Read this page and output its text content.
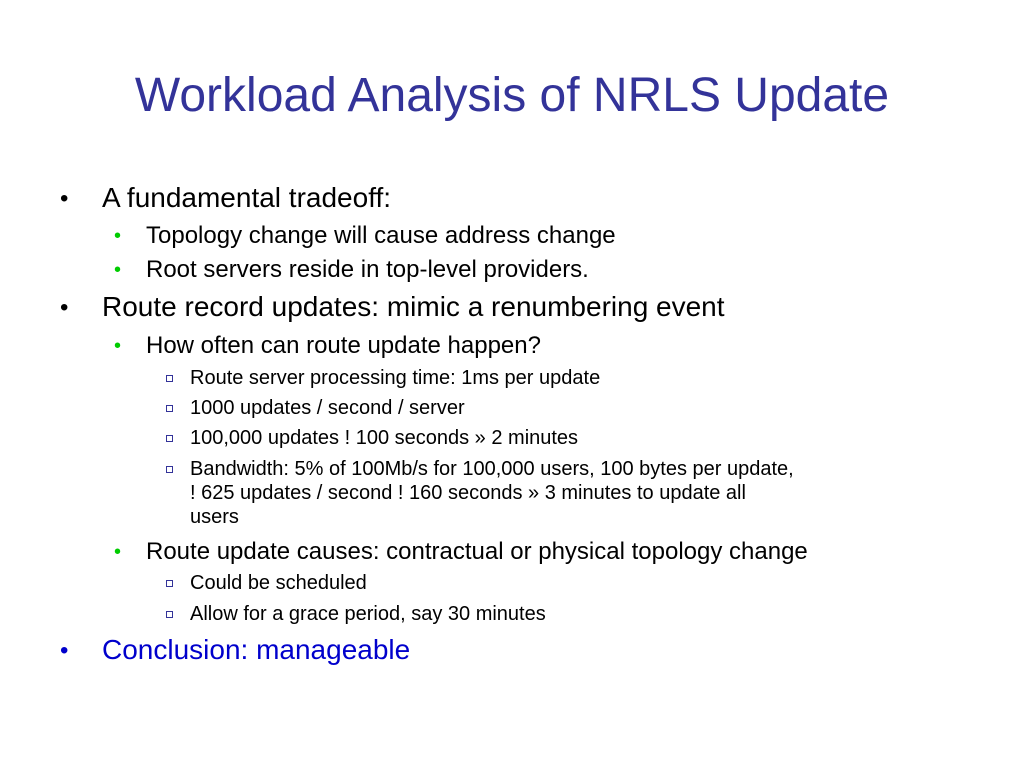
Workload Analysis of NRLS Update
• A fundamental tradeoff:
• Topology change will cause address change
• Root servers reside in top-level providers.
• Route record updates: mimic a renumbering event
• How often can route update happen?
Route server processing time: 1ms per update
1000 updates / second / server
100,000 updates ! 100 seconds » 2 minutes
Bandwidth: 5% of 100Mb/s for 100,000 users, 100 bytes per update,
! 625 updates / second ! 160 seconds » 3 minutes to update all
users
• Route update causes: contractual or physical topology change
Could be scheduled
Allow for a grace period, say 30 minutes
• Conclusion: manageable
